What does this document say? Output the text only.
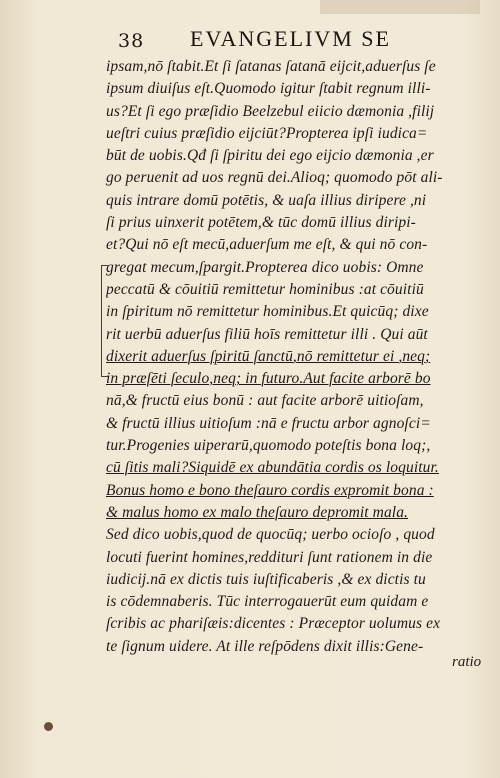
38 EVANGELIVM SE
ipsam,nō ſtabit.Et ſi ſatanas ſatanā eijcit,aduerſus ſe
ipsum diuiſus eſt.Quomodo igitur ſtabit regnum illi-
us?Et ſi ego præſidio Beelzebul eiicio dæmonia ,filij
ueſtri cuius præſidio eijciūt?Propterea ipſi iudica=
būt de uobis.Qđ ſi ſpiritu dei ego eijcio dæmonia ,er
go peruenit ad uos regnū dei.Alioq; quomodo pōt ali-
quis intrare domū potētis, & uaſa illius diripere ,ni
ſi prius uinxerit potētem,& tūc domū illius diripi-
et?Qui nō eſt mecū,aduerſum me eſt, & qui nō con-
gregat mecum,ſpargit.Propterea dico uobis: Omne
peccatū & cōuitiū remittetur hominibus :at cōuitiū
in ſpiritum nō remittetur hominibus.Et quicūq; dixe
rit uerbū aduerſus filiū hoīs remittetur illi . Qui aūt
dixerit aduerſus ſpiritū ſanctū,nō remittetur ei ,neq;
in præſēti ſeculo,neq; in futuro.Aut facite arborē bo
nā,& fructū eius bonū : aut facite arborē uitioſam,
& fructū illius uitioſum :nā e fructu arbor agnoſci=
tur.Progenies uiperarū,quomodo poteſtis bona loq;,
cū ſitis mali?Siquidē ex abundātia cordis os loquitur.
Bonus homo e bono theſauro cordis expromit bona :
& malus homo ex malo theſauro depromit mala.
Sed dico uobis,quod de quocūq; uerbo ocioſo , quod
locuti fuerint homines,reddituri ſunt rationem in die
iudicij.nā ex dictis tuis iuſtificaberis ,& ex dictis tu
is cōdemnaberis. Tūc interrogauerūt eum quidam e
ſcribis ac phariſæis:dicentes : Præceptor uolumus ex
te ſignum uidere. At ille reſpōdens dixit illis:Gene-
ratio
